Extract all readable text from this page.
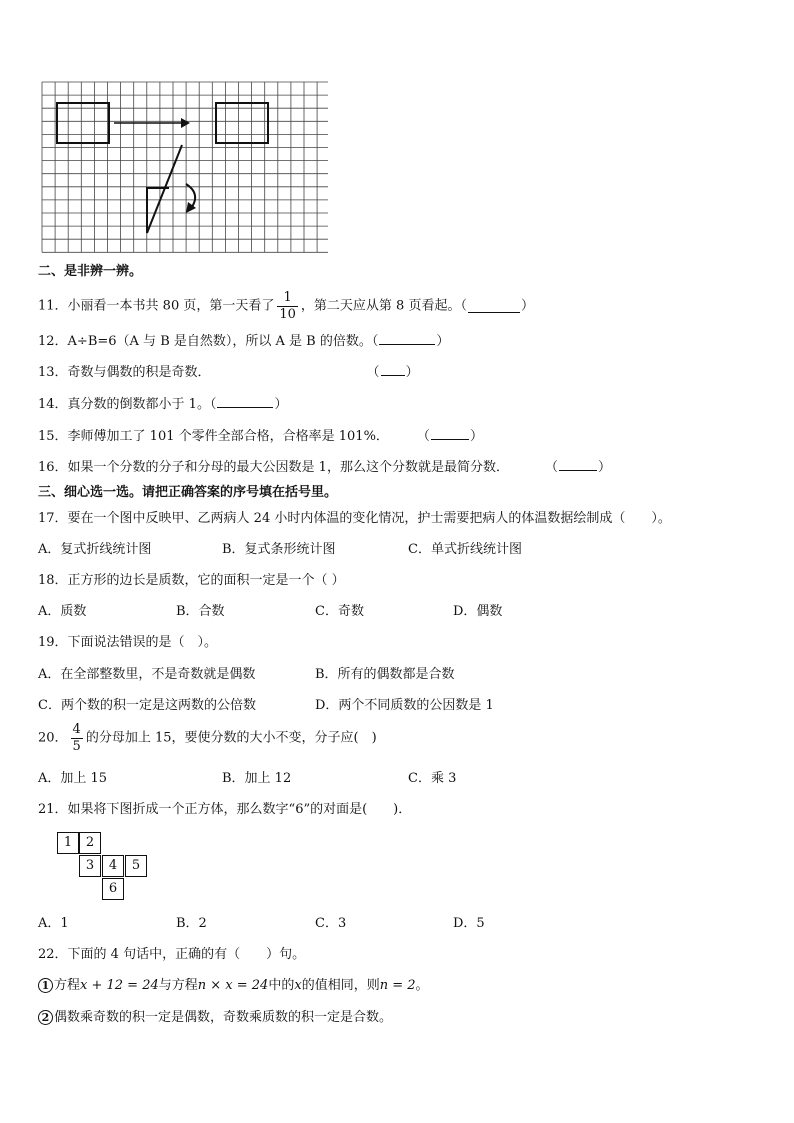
二、是非辨一辨。
11．小丽看一本书共 80 页，第一天看了 $\frac{1}{10}$ ，第二天应从第 8 页看起。（	）
12．A÷B=6（A 与 B 是自然数），所以 A 是 B 的倍数。（	）
13．奇数与偶数的积是奇数．	（ ）
14．真分数的倒数都小于 1。（	）
15．李师傅加工了 101 个零件全部合格，合格率是 101%． （	）
16．如果一个分数的分子和分母的最大公因数是 1，那么这个分数就是最简分数．	（	）
三、细心选一选。请把正确答案的序号填在括号里。
17．要在一个图中反映甲、乙两病人 24 小时内体温的变化情况，护士需要把病人的体温数据绘制成（　　）。
A．复式折线统计图	B．复式条形统计图	C．单式折线统计图
18．正方形的边长是质数，它的面积一定是一个（ ）
A．质数	B．合数	C．奇数	D．偶数
19．下面说法错误的是（　）。
A．在全部整数里，不是奇数就是偶数	B．所有的偶数都是合数
C．两个数的积一定是这两数的公倍数	D．两个不同质数的公因数是 1
20． $\frac{4}{5}$ 的分母加上 15，要使分数的大小不变，分子应(　)
A．加上 15	B．加上 12	C．乘 3
21．如果将下图折成一个正方体，那么数字“6”的对面是(　　)．
1	2
3	4	5
6
A．1	B．2	C．3	D．5
22．下面的 4 句话中，正确的有（　　）句。
1 方程x + 12 = 24与方程n × x = 24中的x的值相同，则n = 2。
2 偶数乘奇数的积一定是偶数，奇数乘质数的积一定是合数。
